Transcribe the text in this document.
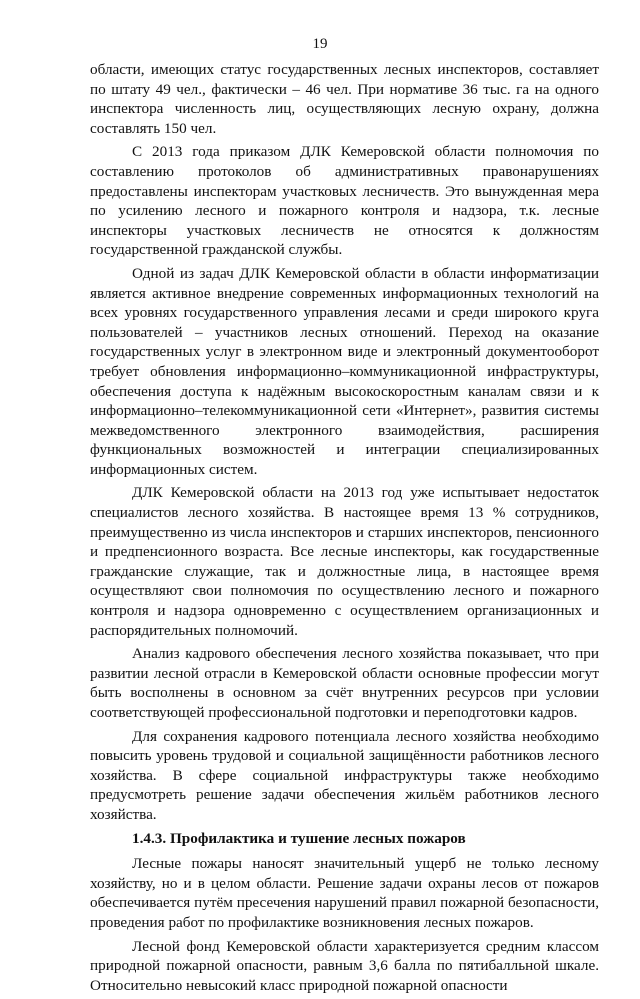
19

области, имеющих статус государственных лесных инспекторов, составляет по штату 49 чел., фактически – 46 чел. При нормативе 36 тыс. га на одного инспектора численность лиц, осуществляющих лесную охрану, должна составлять 150 чел.

С 2013 года приказом ДЛК Кемеровской области полномочия по составлению протоколов об административных правонарушениях предоставлены инспекторам участковых лесничеств. Это вынужденная мера по усилению лесного и пожарного контроля и надзора, т.к. лесные инспекторы участковых лесничеств не относятся к должностям государственной гражданской службы.

Одной из задач ДЛК Кемеровской области в области информатизации является активное внедрение современных информационных технологий на всех уровнях государственного управления лесами и среди широкого круга пользователей – участников лесных отношений. Переход на оказание государственных услуг в электронном виде и электронный документооборот требует обновления информационно–коммуникационной инфраструктуры, обеспечения доступа к надёжным высокоскоростным каналам связи и к информационно–телекоммуникационной сети «Интернет», развития системы межведомственного электронного взаимодействия, расширения функциональных возможностей и интеграции специализированных информационных систем.

ДЛК Кемеровской области на 2013 год уже испытывает недостаток специалистов лесного хозяйства. В настоящее время 13 % сотрудников, преимущественно из числа инспекторов и старших инспекторов, пенсионного и предпенсионного возраста. Все лесные инспекторы, как государственные гражданские служащие, так и должностные лица, в настоящее время осуществляют свои полномочия по осуществлению лесного и пожарного контроля и надзора одновременно с осуществлением организационных и распорядительных полномочий.

Анализ кадрового обеспечения лесного хозяйства показывает, что при развитии лесной отрасли в Кемеровской области основные профессии могут быть восполнены в основном за счёт внутренних ресурсов при условии соответствующей профессиональной подготовки и переподготовки кадров.

Для сохранения кадрового потенциала лесного хозяйства необходимо повысить уровень трудовой и социальной защищённости работников лесного хозяйства. В сфере социальной инфраструктуры также необходимо предусмотреть решение задачи обеспечения жильём работников лесного хозяйства.

1.4.3. Профилактика и тушение лесных пожаров

Лесные пожары наносят значительный ущерб не только лесному хозяйству, но и в целом области. Решение задачи охраны лесов от пожаров обеспечивается путём пресечения нарушений правил пожарной безопасности, проведения работ по профилактике возникновения лесных пожаров.

Лесной фонд Кемеровской области характеризуется средним классом природной пожарной опасности, равным 3,6 балла по пятибалльной шкале. Относительно невысокий класс природной пожарной опасности
